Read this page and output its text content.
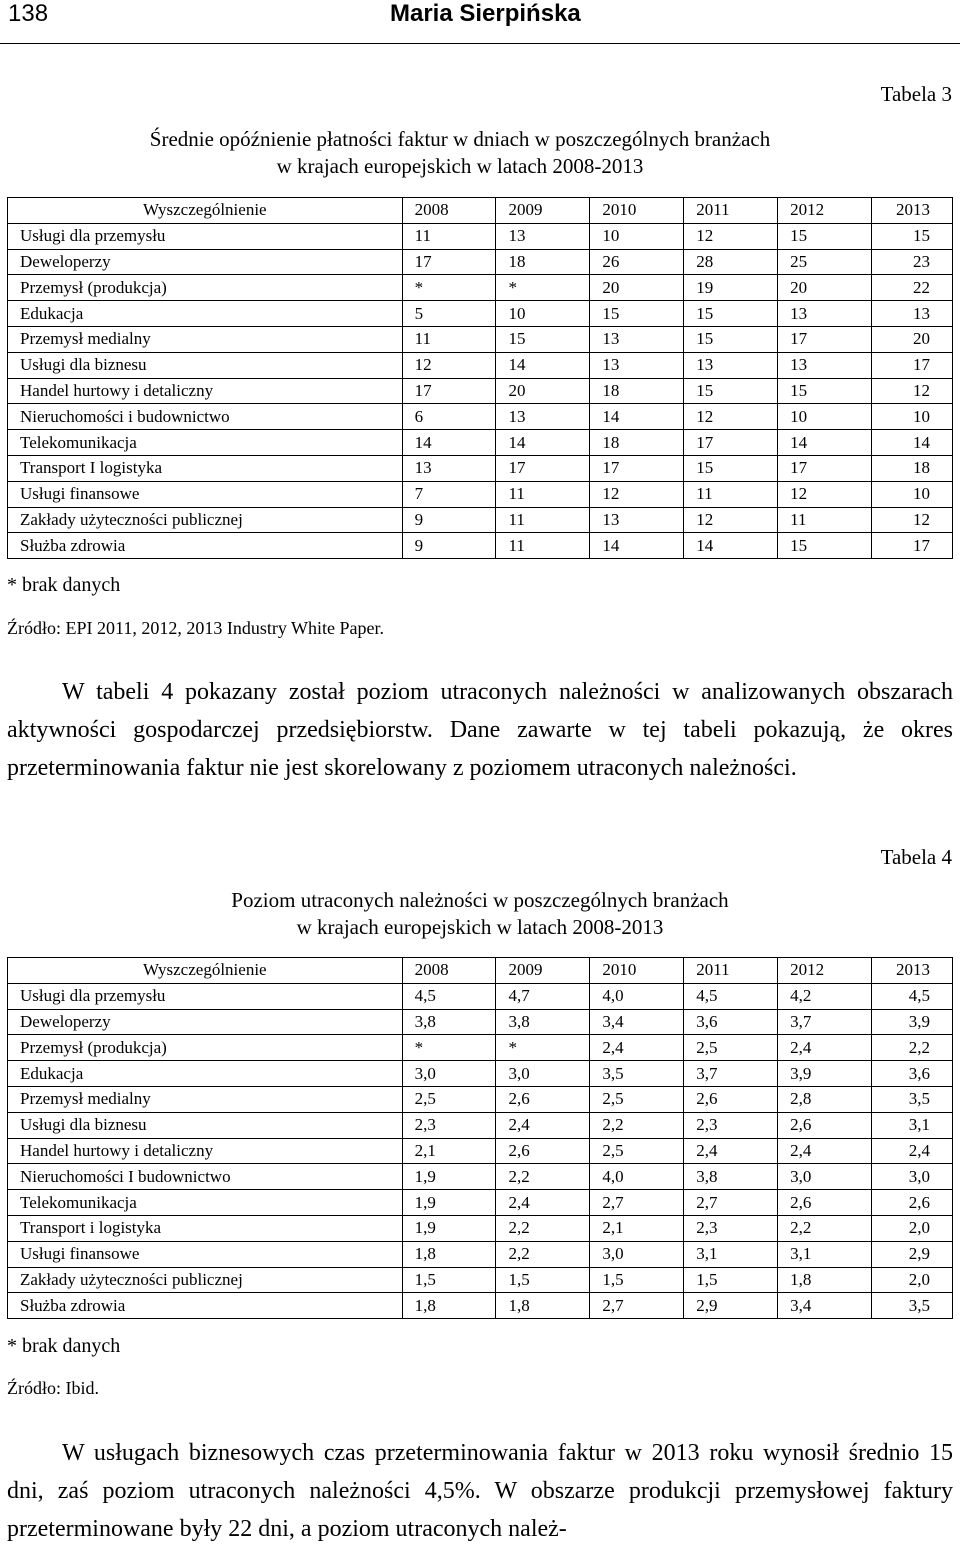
138	Maria Sierpińska
Tabela 3
Średnie opóźnienie płatności faktur w dniach w poszczególnych branżach
w krajach europejskich w latach 2008-2013
Wyszczególnienie	2008	2009	2010	2011	2012	2013
Usługi dla przemysłu	11	13	10	12	15	15
Deweloperzy	17	18	26	28	25	23
Przemysł (produkcja)	*	*	20	19	20	22
Edukacja	5	10	15	15	13	13
Przemysł medialny	11	15	13	15	17	20
Usługi dla biznesu	12	14	13	13	13	17
Handel hurtowy i detaliczny	17	20	18	15	15	12
Nieruchomości i budownictwo	6	13	14	12	10	10
Telekomunikacja	14	14	18	17	14	14
Transport I logistyka	13	17	17	15	17	18
Usługi finansowe	7	11	12	11	12	10
Zakłady użyteczności publicznej	9	11	13	12	11	12
Służba zdrowia	9	11	14	14	15	17
* brak danych
Źródło: EPI 2011, 2012, 2013 Industry White Paper.
W tabeli 4 pokazany został poziom utraconych należności w analizowanych obszarach aktywności gospodarczej przedsiębiorstw. Dane zawarte w tej tabeli pokazują, że okres przeterminowania faktur nie jest skorelowany z poziomem utraconych należności.
Tabela 4
Poziom utraconych należności w poszczególnych branżach
w krajach europejskich w latach 2008-2013
Wyszczególnienie	2008	2009	2010	2011	2012	2013
Usługi dla przemysłu	4,5	4,7	4,0	4,5	4,2	4,5
Deweloperzy	3,8	3,8	3,4	3,6	3,7	3,9
Przemysł (produkcja)	*	*	2,4	2,5	2,4	2,2
Edukacja	3,0	3,0	3,5	3,7	3,9	3,6
Przemysł medialny	2,5	2,6	2,5	2,6	2,8	3,5
Usługi dla biznesu	2,3	2,4	2,2	2,3	2,6	3,1
Handel hurtowy i detaliczny	2,1	2,6	2,5	2,4	2,4	2,4
Nieruchomości I budownictwo	1,9	2,2	4,0	3,8	3,0	3,0
Telekomunikacja	1,9	2,4	2,7	2,7	2,6	2,6
Transport i logistyka	1,9	2,2	2,1	2,3	2,2	2,0
Usługi finansowe	1,8	2,2	3,0	3,1	3,1	2,9
Zakłady użyteczności publicznej	1,5	1,5	1,5	1,5	1,8	2,0
Służba zdrowia	1,8	1,8	2,7	2,9	3,4	3,5
* brak danych
Źródło: Ibid.
W usługach biznesowych czas przeterminowania faktur w 2013 roku wynosił średnio 15 dni, zaś poziom utraconych należności 4,5%. W obszarze produkcji przemysłowej faktury przeterminowane były 22 dni, a poziom utraconych należ-
